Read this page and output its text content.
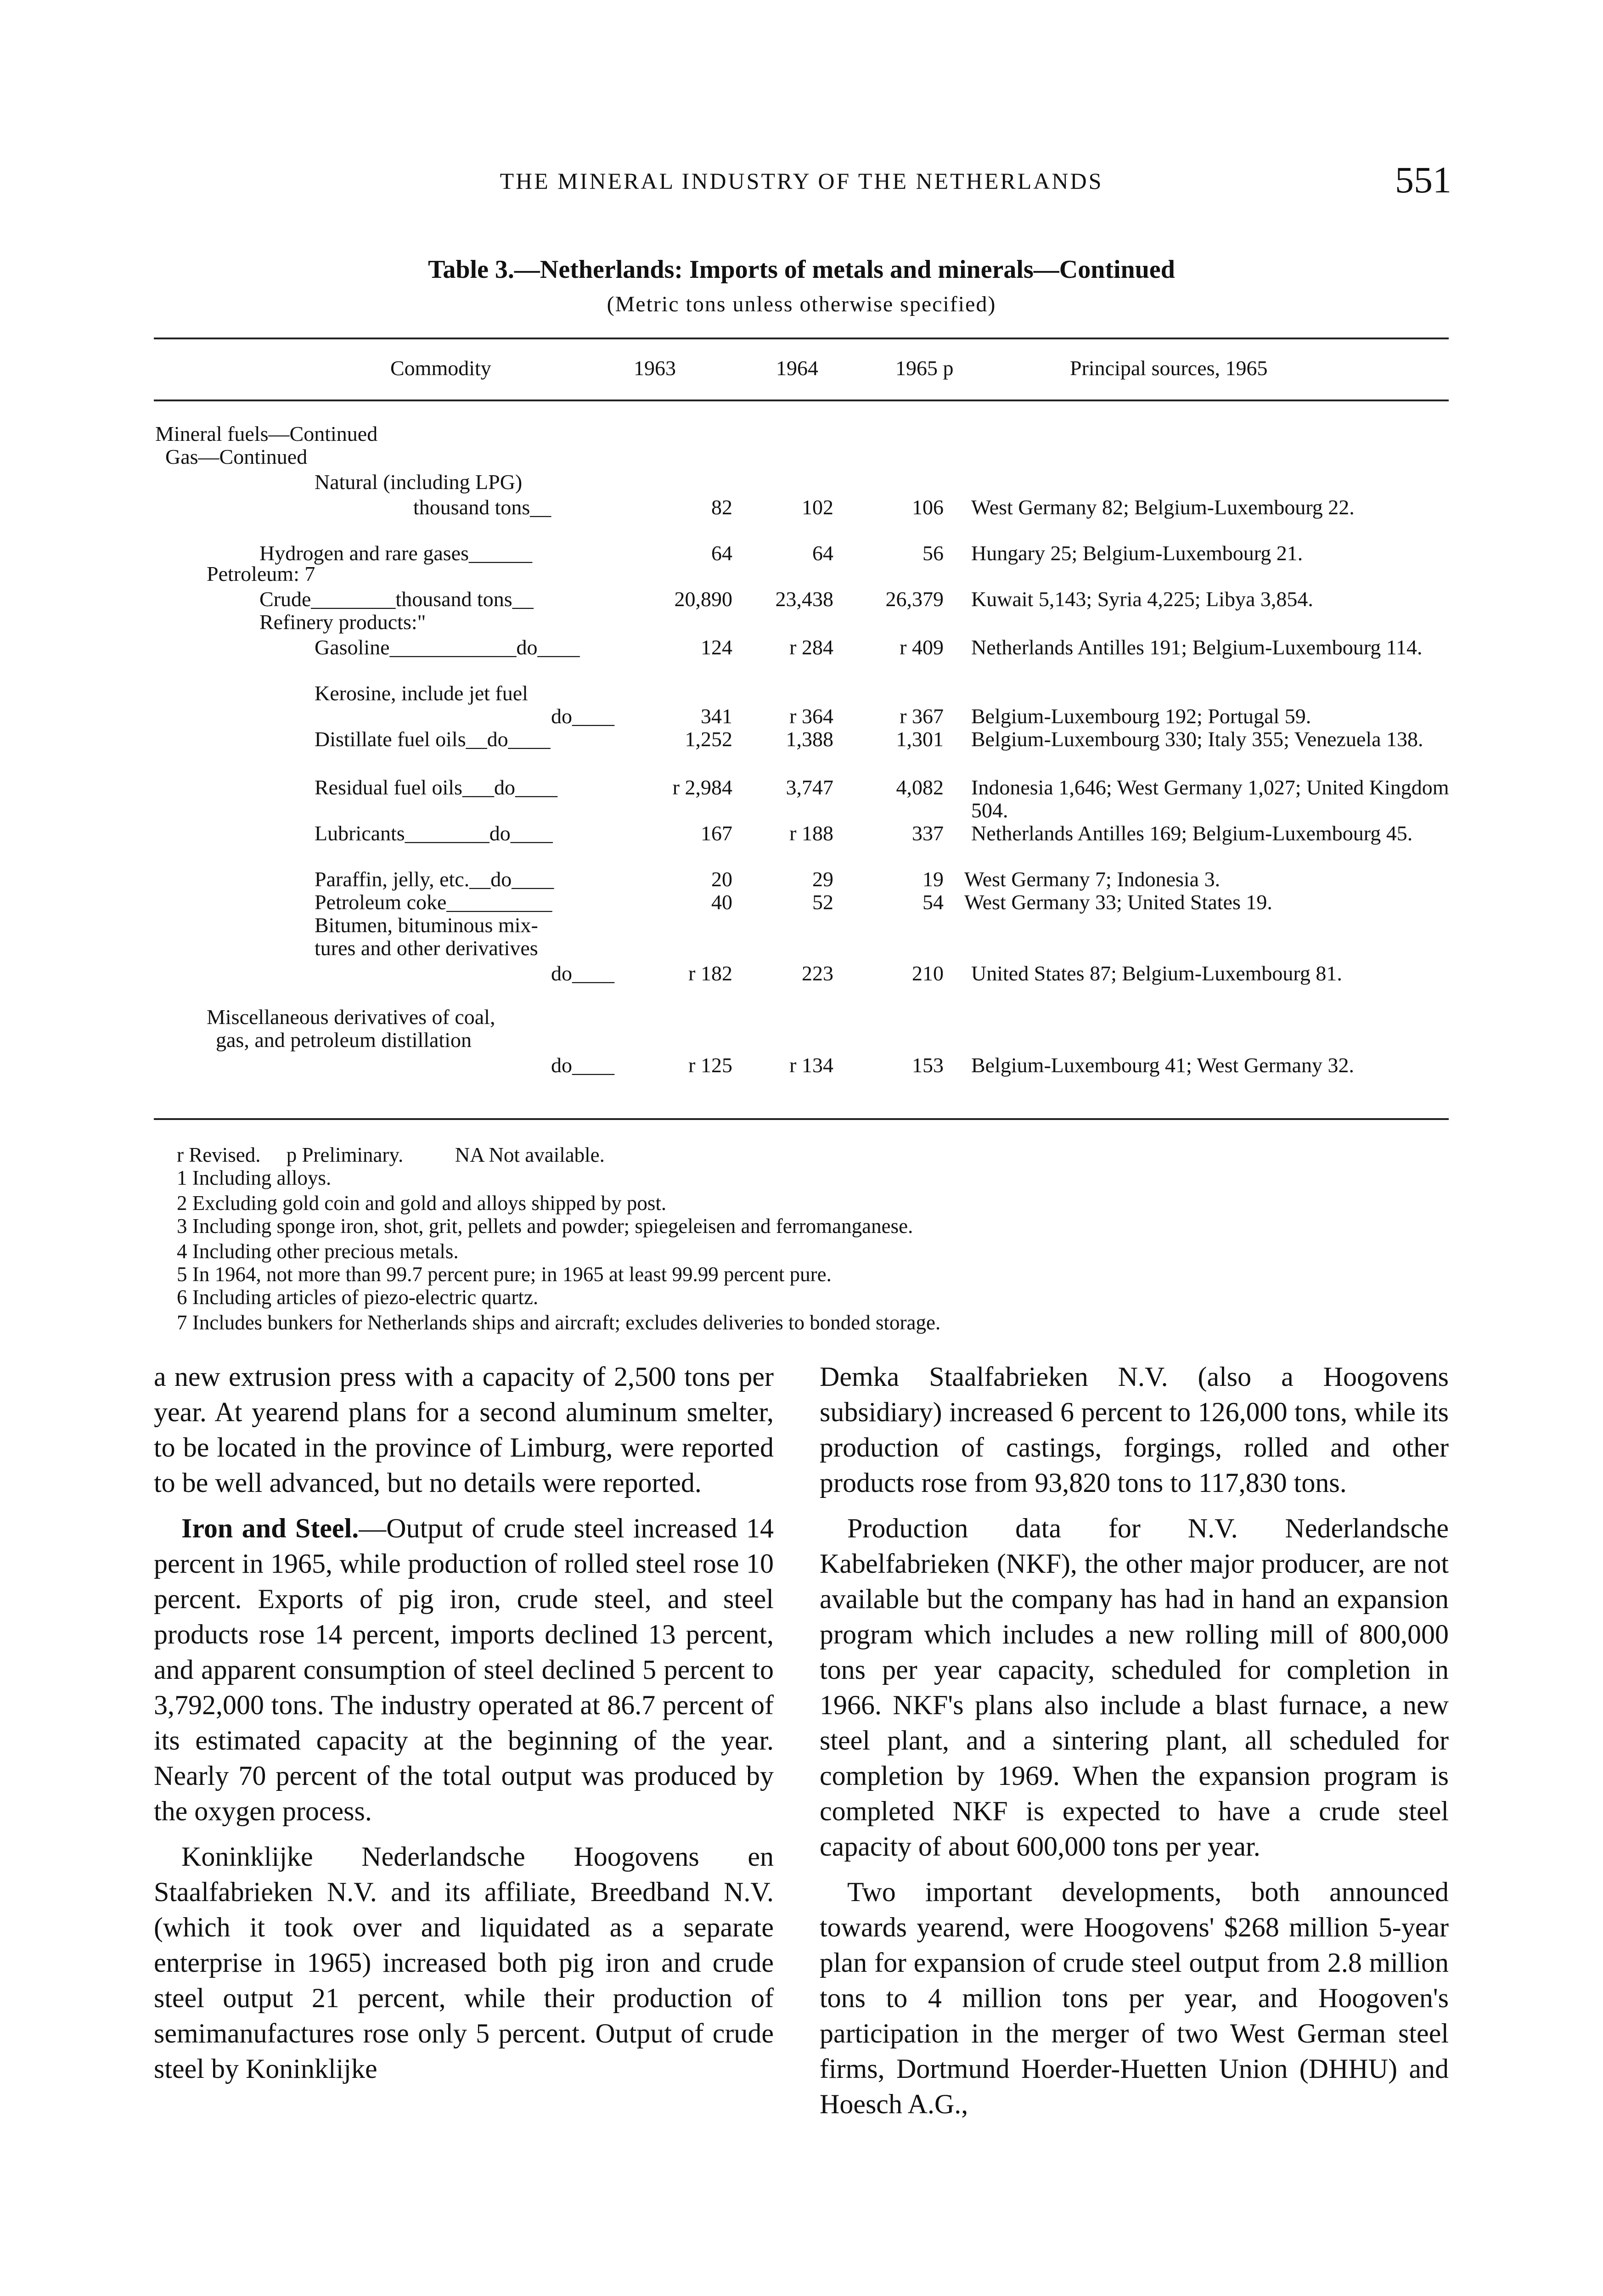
THE MINERAL INDUSTRY OF THE NETHERLANDS	551
Table 3.—Netherlands: Imports of metals and minerals—Continued
(Metric tons unless otherwise specified)
Commodity	1963	1964	1965 p	Principal sources, 1965
Mineral fuels—Continued
Gas—Continued
Natural (including LPG)
thousand tons__	82	102	106 West Germany 82; Belgium-Luxembourg 22.
Hydrogen and rare gases______	64	64	56 Hungary 25; Belgium-Luxembourg 21.
Petroleum: 7
Crude________thousand tons__	20,890	23,438	26,379 Kuwait 5,143; Syria 4,225; Libya 3,854.
Refinery products:"
Gasoline____________do____	124	r 284	r 409 Netherlands Antilles 191; Belgium-Luxembourg 114.
Kerosine, include jet fuel
do____	341	r 364	r 367 Belgium-Luxembourg 192; Portugal 59.
Distillate fuel oils__do____	1,252	1,388	1,301 Belgium-Luxembourg 330; Italy 355; Venezuela 138.
Residual fuel oils___do____	r 2,984	3,747	4,082 Indonesia 1,646; West Germany 1,027; United Kingdom 504.
Lubricants________do____	167	r 188	337 Netherlands Antilles 169; Belgium-Luxembourg 45.
Paraffin, jelly, etc.__do____	20	29	19 West Germany 7; Indonesia 3.
Petroleum coke__________	40	52	54 West Germany 33; United States 19.
Bitumen, bituminous mix-
tures and other derivatives
do____	r 182	223	210 United States 87; Belgium-Luxembourg 81.
Miscellaneous derivatives of coal,
gas, and petroleum distillation
do____	r 125	r 134	153 Belgium-Luxembourg 41; West Germany 32.
r Revised.     p Preliminary.          NA Not available.
1 Including alloys.
2 Excluding gold coin and gold and alloys shipped by post.
3 Including sponge iron, shot, grit, pellets and powder; spiegeleisen and ferromanganese.
4 Including other precious metals.
5 In 1964, not more than 99.7 percent pure; in 1965 at least 99.99 percent pure.
6 Including articles of piezo-electric quartz.
7 Includes bunkers for Netherlands ships and aircraft; excludes deliveries to bonded storage.

a new extrusion press with a capacity of 2,500 tons per year. At yearend plans for a second aluminum smelter, to be located in the province of Limburg, were reported to be well advanced, but no details were reported.

Iron and Steel.—Output of crude steel increased 14 percent in 1965, while production of rolled steel rose 10 percent. Exports of pig iron, crude steel, and steel products rose 14 percent, imports declined 13 percent, and apparent consumption of steel declined 5 percent to 3,792,000 tons. The industry operated at 86.7 percent of its estimated capacity at the beginning of the year. Nearly 70 percent of the total output was produced by the oxygen process.

Koninklijke Nederlandsche Hoogovens en Staalfabrieken N.V. and its affiliate, Breedband N.V. (which it took over and liquidated as a separate enterprise in 1965) increased both pig iron and crude steel output 21 percent, while their production of semimanufactures rose only 5 percent. Output of crude steel by Koninklijke

Demka Staalfabrieken N.V. (also a Hoogovens subsidiary) increased 6 percent to 126,000 tons, while its production of castings, forgings, rolled and other products rose from 93,820 tons to 117,830 tons.

Production data for N.V. Nederlandsche Kabelfabrieken (NKF), the other major producer, are not available but the company has had in hand an expansion program which includes a new rolling mill of 800,000 tons per year capacity, scheduled for completion in 1966. NKF's plans also include a blast furnace, a new steel plant, and a sintering plant, all scheduled for completion by 1969. When the expansion program is completed NKF is expected to have a crude steel capacity of about 600,000 tons per year.

Two important developments, both announced towards yearend, were Hoogovens' $268 million 5-year plan for expansion of crude steel output from 2.8 million tons to 4 million tons per year, and Hoogoven's participation in the merger of two West German steel firms, Dortmund Hoerder-Huetten Union (DHHU) and Hoesch A.G.,
